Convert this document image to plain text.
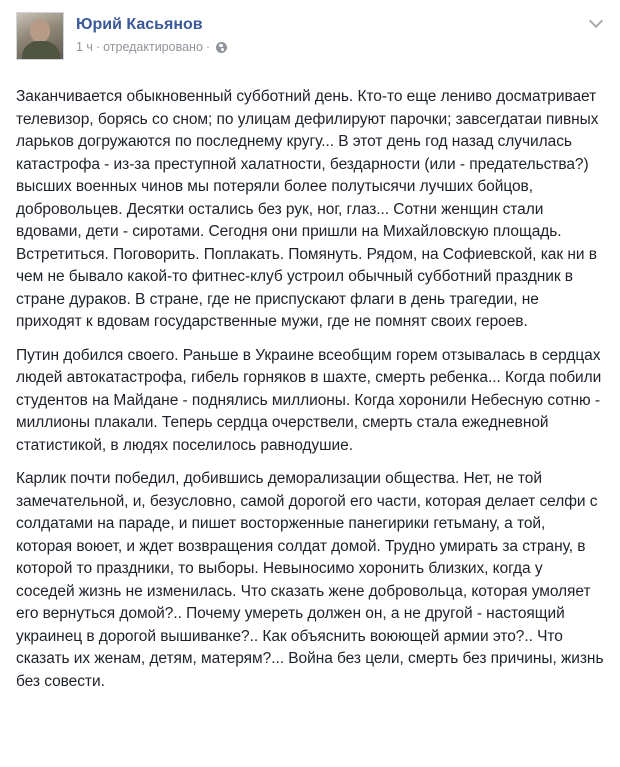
Юрий Касьянов
1 ч · отредактировано ·

Заканчивается обыкновенный субботний день. Кто-то еще лениво досматривает телевизор, борясь со сном; по улицам дефилируют парочки; завсегдатаи пивных ларьков догружаются по последнему кругу... В этот день год назад случилась катастрофа - из-за преступной халатности, бездарности (или - предательства?) высших военных чинов мы потеряли более полутысячи лучших бойцов, добровольцев. Десятки остались без рук, ног, глаз... Сотни женщин стали вдовами, дети - сиротами. Сегодня они пришли на Михайловскую площадь. Встретиться. Поговорить. Поплакать. Помянуть. Рядом, на Софиевской, как ни в чем не бывало какой-то фитнес-клуб устроил обычный субботний праздник в стране дураков. В стране, где не приспускают флаги в день трагедии, не приходят к вдовам государственные мужи, где не помнят своих героев.

Путин добился своего. Раньше в Украине всеобщим горем отзывалась в сердцах людей автокатастрофа, гибель горняков в шахте, смерть ребенка... Когда побили студентов на Майдане - поднялись миллионы. Когда хоронили Небесную сотню - миллионы плакали. Теперь сердца очерствели, смерть стала ежедневной статистикой, в людях поселилось равнодушие.

Карлик почти победил, добившись деморализации общества. Нет, не той замечательной, и, безусловно, самой дорогой его части, которая делает селфи с солдатами на параде, и пишет восторженные панегирики гетьману, а той, которая воюет, и ждет возвращения солдат домой. Трудно умирать за страну, в которой то праздники, то выборы. Невыносимо хоронить близких, когда у соседей жизнь не изменилась. Что сказать жене добровольца, которая умоляет его вернуться домой?.. Почему умереть должен он, а не другой - настоящий украинец в дорогой вышиванке?.. Как объяснить воюющей армии это?.. Что сказать их женам, детям, матерям?... Война без цели, смерть без причины, жизнь без совести.
